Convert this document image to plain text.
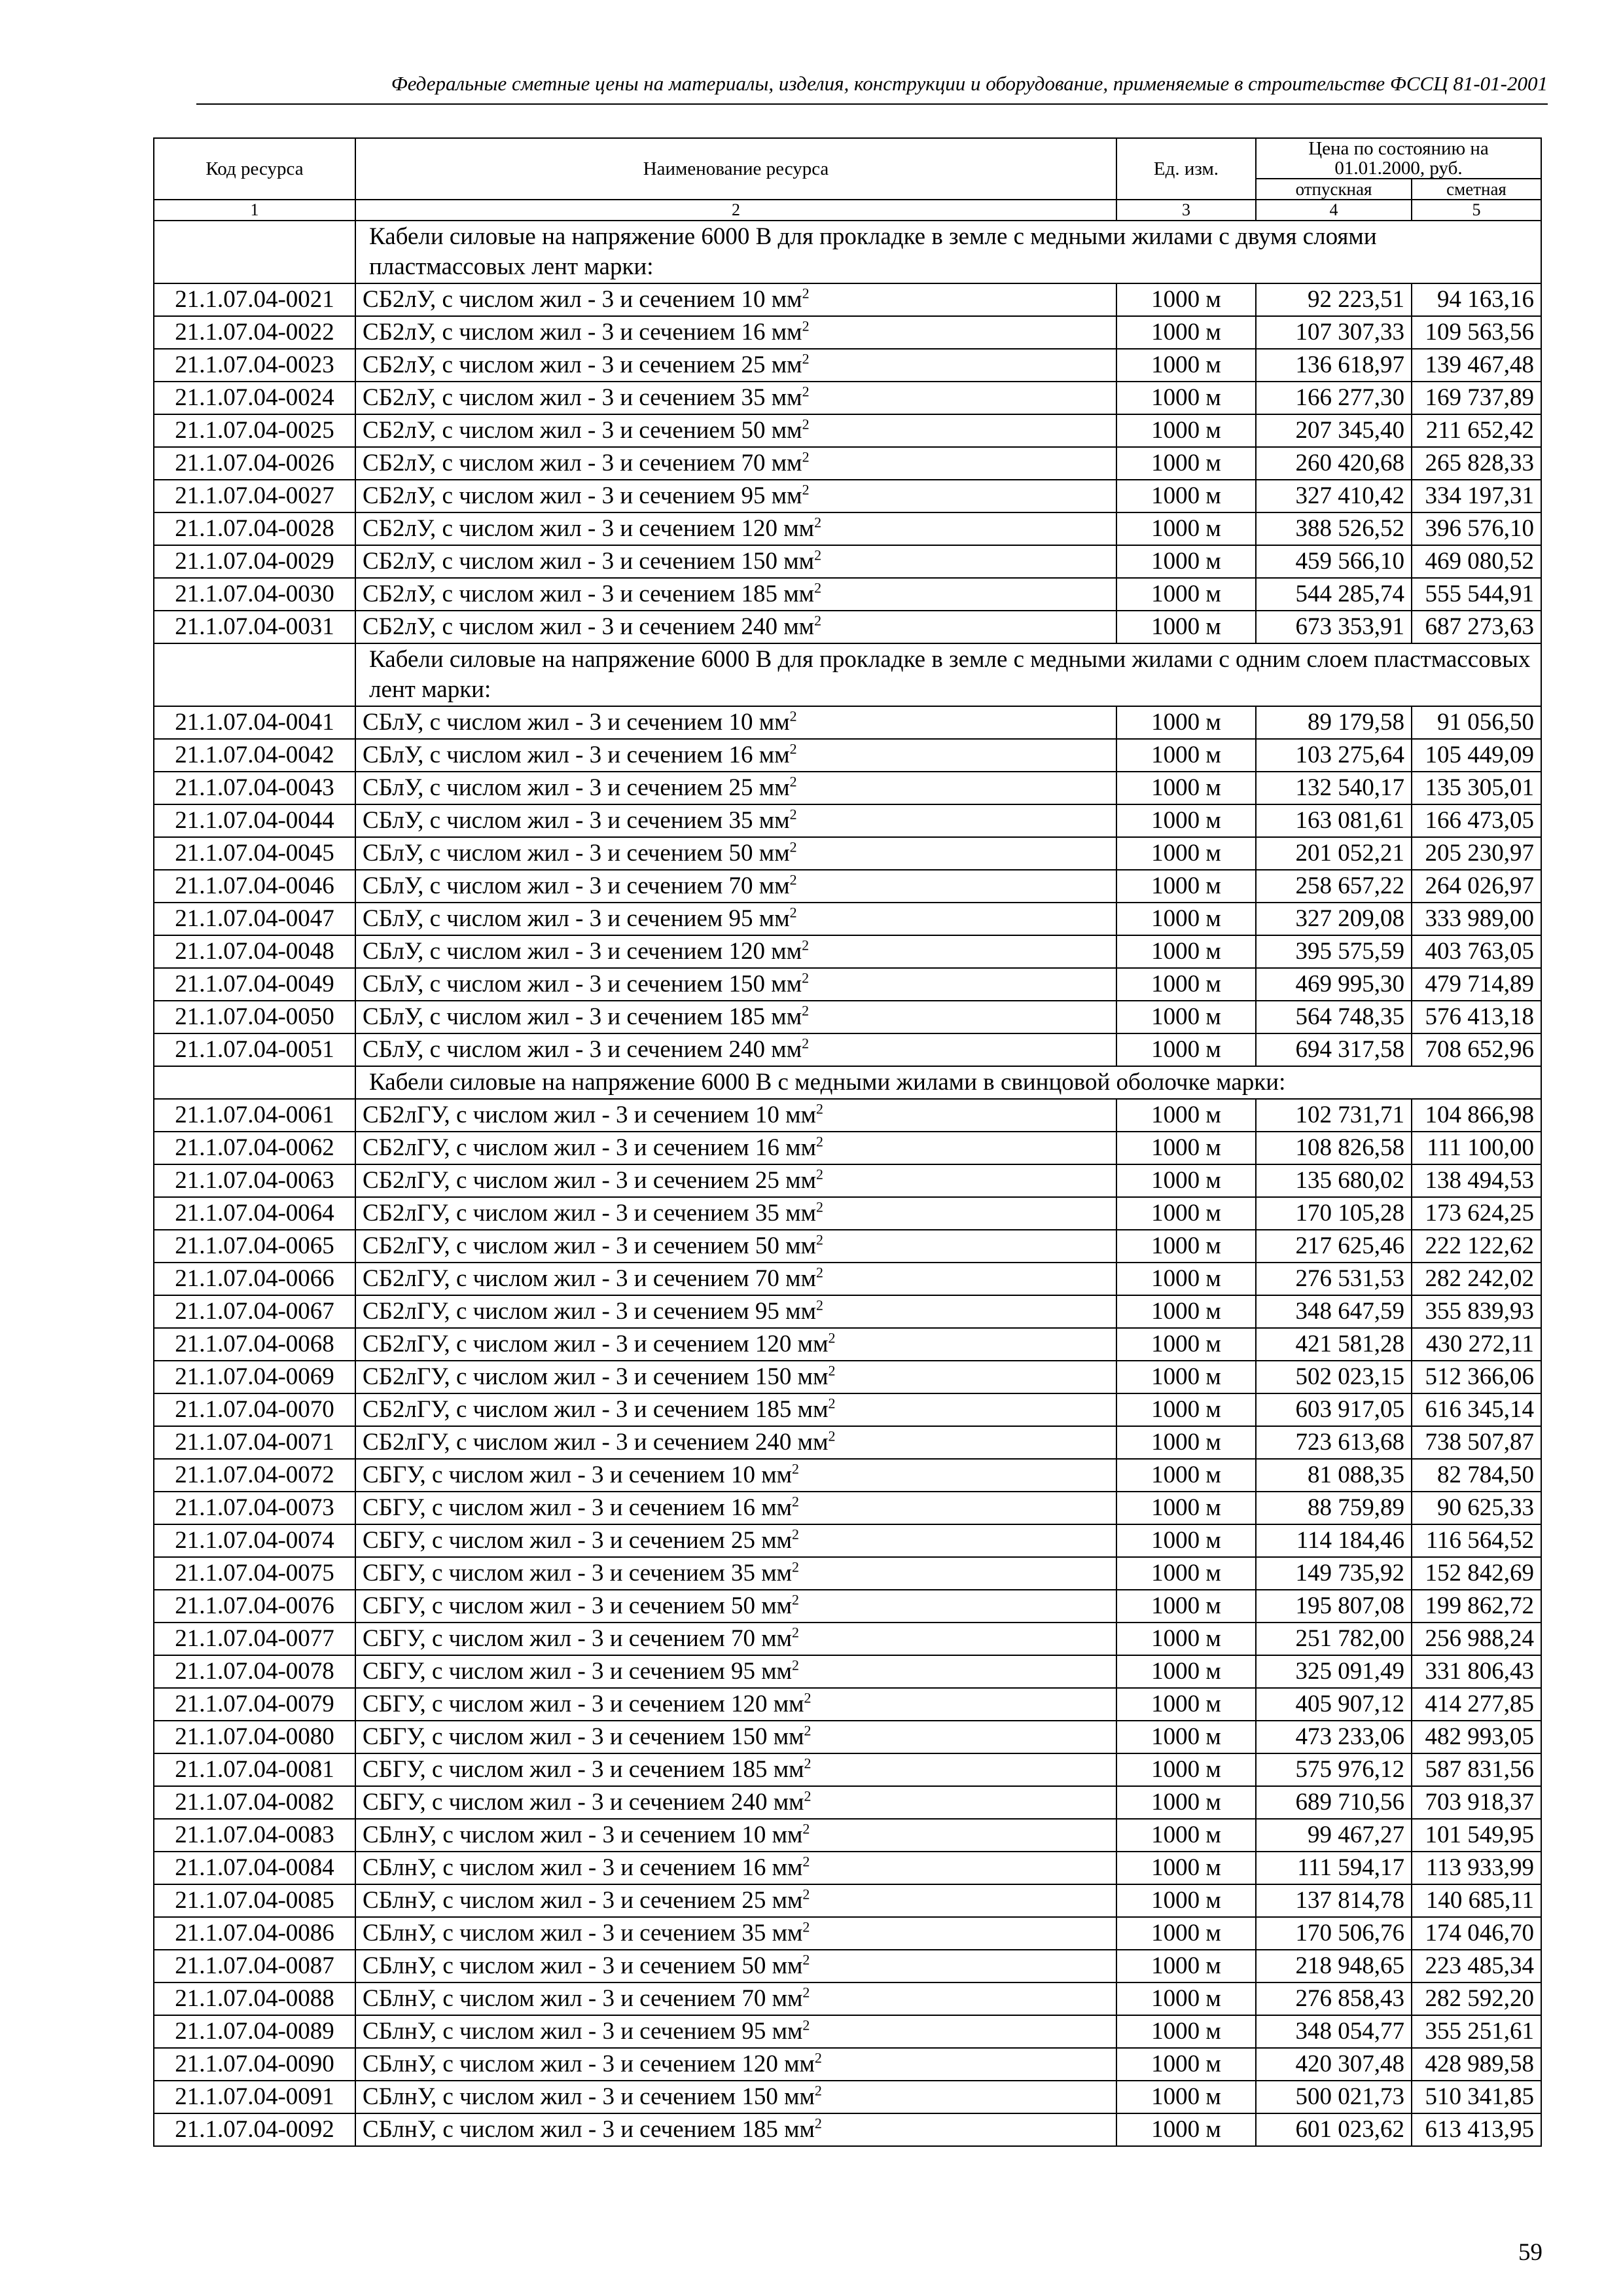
Федеральные сметные цены на материалы, изделия, конструкции и оборудование, применяемые в строительстве ФССЦ 81-01-2001
Код ресурса	Наименование ресурса	Ед. изм.	Цена по состоянию на 01.01.2000, руб.	
			отпускная	сметная
1	2	3	4	5
	Кабели силовые на напряжение 6000 В для прокладке в земле с медными жилами с двумя слоями пластмассовых лент марки:			
21.1.07.04-0021	СБ2лУ, с числом жил - 3 и сечением 10 $мм^2$	1000 м	92 223,51	94 163,16
21.1.07.04-0022	СБ2лУ, с числом жил - 3 и сечением 16 $мм^2$	1000 м	107 307,33	109 563,56
21.1.07.04-0023	СБ2лУ, с числом жил - 3 и сечением 25 $мм^2$	1000 м	136 618,97	139 467,48
21.1.07.04-0024	СБ2лУ, с числом жил - 3 и сечением 35 $мм^2$	1000 м	166 277,30	169 737,89
21.1.07.04-0025	СБ2лУ, с числом жил - 3 и сечением 50 $мм^2$	1000 м	207 345,40	211 652,42
21.1.07.04-0026	СБ2лУ, с числом жил - 3 и сечением 70 $мм^2$	1000 м	260 420,68	265 828,33
21.1.07.04-0027	СБ2лУ, с числом жил - 3 и сечением 95 $мм^2$	1000 м	327 410,42	334 197,31
21.1.07.04-0028	СБ2лУ, с числом жил - 3 и сечением 120 $мм^2$	1000 м	388 526,52	396 576,10
21.1.07.04-0029	СБ2лУ, с числом жил - 3 и сечением 150 $мм^2$	1000 м	459 566,10	469 080,52
21.1.07.04-0030	СБ2лУ, с числом жил - 3 и сечением 185 $мм^2$	1000 м	544 285,74	555 544,91
21.1.07.04-0031	СБ2лУ, с числом жил - 3 и сечением 240 $мм^2$	1000 м	673 353,91	687 273,63
	Кабели силовые на напряжение 6000 В для прокладке в земле с медными жилами с одним слоем пластмассовых лент марки:			
21.1.07.04-0041	СБлУ, с числом жил - 3 и сечением 10 $мм^2$	1000 м	89 179,58	91 056,50
21.1.07.04-0042	СБлУ, с числом жил - 3 и сечением 16 $мм^2$	1000 м	103 275,64	105 449,09
21.1.07.04-0043	СБлУ, с числом жил - 3 и сечением 25 $мм^2$	1000 м	132 540,17	135 305,01
21.1.07.04-0044	СБлУ, с числом жил - 3 и сечением 35 $мм^2$	1000 м	163 081,61	166 473,05
21.1.07.04-0045	СБлУ, с числом жил - 3 и сечением 50 $мм^2$	1000 м	201 052,21	205 230,97
21.1.07.04-0046	СБлУ, с числом жил - 3 и сечением 70 $мм^2$	1000 м	258 657,22	264 026,97
21.1.07.04-0047	СБлУ, с числом жил - 3 и сечением 95 $мм^2$	1000 м	327 209,08	333 989,00
21.1.07.04-0048	СБлУ, с числом жил - 3 и сечением 120 $мм^2$	1000 м	395 575,59	403 763,05
21.1.07.04-0049	СБлУ, с числом жил - 3 и сечением 150 $мм^2$	1000 м	469 995,30	479 714,89
21.1.07.04-0050	СБлУ, с числом жил - 3 и сечением 185 $мм^2$	1000 м	564 748,35	576 413,18
21.1.07.04-0051	СБлУ, с числом жил - 3 и сечением 240 $мм^2$	1000 м	694 317,58	708 652,96
	Кабели силовые на напряжение 6000 В с медными жилами в свинцовой оболочке марки:			
21.1.07.04-0061	СБ2лГУ, с числом жил - 3 и сечением 10 $мм^2$	1000 м	102 731,71	104 866,98
21.1.07.04-0062	СБ2лГУ, с числом жил - 3 и сечением 16 $мм^2$	1000 м	108 826,58	111 100,00
21.1.07.04-0063	СБ2лГУ, с числом жил - 3 и сечением 25 $мм^2$	1000 м	135 680,02	138 494,53
21.1.07.04-0064	СБ2лГУ, с числом жил - 3 и сечением 35 $мм^2$	1000 м	170 105,28	173 624,25
21.1.07.04-0065	СБ2лГУ, с числом жил - 3 и сечением 50 $мм^2$	1000 м	217 625,46	222 122,62
21.1.07.04-0066	СБ2лГУ, с числом жил - 3 и сечением 70 $мм^2$	1000 м	276 531,53	282 242,02
21.1.07.04-0067	СБ2лГУ, с числом жил - 3 и сечением 95 $мм^2$	1000 м	348 647,59	355 839,93
21.1.07.04-0068	СБ2лГУ, с числом жил - 3 и сечением 120 $мм^2$	1000 м	421 581,28	430 272,11
21.1.07.04-0069	СБ2лГУ, с числом жил - 3 и сечением 150 $мм^2$	1000 м	502 023,15	512 366,06
21.1.07.04-0070	СБ2лГУ, с числом жил - 3 и сечением 185 $мм^2$	1000 м	603 917,05	616 345,14
21.1.07.04-0071	СБ2лГУ, с числом жил - 3 и сечением 240 $мм^2$	1000 м	723 613,68	738 507,87
21.1.07.04-0072	СБГУ, с числом жил - 3 и сечением 10 $мм^2$	1000 м	81 088,35	82 784,50
21.1.07.04-0073	СБГУ, с числом жил - 3 и сечением 16 $мм^2$	1000 м	88 759,89	90 625,33
21.1.07.04-0074	СБГУ, с числом жил - 3 и сечением 25 $мм^2$	1000 м	114 184,46	116 564,52
21.1.07.04-0075	СБГУ, с числом жил - 3 и сечением 35 $мм^2$	1000 м	149 735,92	152 842,69
21.1.07.04-0076	СБГУ, с числом жил - 3 и сечением 50 $мм^2$	1000 м	195 807,08	199 862,72
21.1.07.04-0077	СБГУ, с числом жил - 3 и сечением 70 $мм^2$	1000 м	251 782,00	256 988,24
21.1.07.04-0078	СБГУ, с числом жил - 3 и сечением 95 $мм^2$	1000 м	325 091,49	331 806,43
21.1.07.04-0079	СБГУ, с числом жил - 3 и сечением 120 $мм^2$	1000 м	405 907,12	414 277,85
21.1.07.04-0080	СБГУ, с числом жил - 3 и сечением 150 $мм^2$	1000 м	473 233,06	482 993,05
21.1.07.04-0081	СБГУ, с числом жил - 3 и сечением 185 $мм^2$	1000 м	575 976,12	587 831,56
21.1.07.04-0082	СБГУ, с числом жил - 3 и сечением 240 $мм^2$	1000 м	689 710,56	703 918,37
21.1.07.04-0083	СБлнУ, с числом жил - 3 и сечением 10 $мм^2$	1000 м	99 467,27	101 549,95
21.1.07.04-0084	СБлнУ, с числом жил - 3 и сечением 16 $мм^2$	1000 м	111 594,17	113 933,99
21.1.07.04-0085	СБлнУ, с числом жил - 3 и сечением 25 $мм^2$	1000 м	137 814,78	140 685,11
21.1.07.04-0086	СБлнУ, с числом жил - 3 и сечением 35 $мм^2$	1000 м	170 506,76	174 046,70
21.1.07.04-0087	СБлнУ, с числом жил - 3 и сечением 50 $мм^2$	1000 м	218 948,65	223 485,34
21.1.07.04-0088	СБлнУ, с числом жил - 3 и сечением 70 $мм^2$	1000 м	276 858,43	282 592,20
21.1.07.04-0089	СБлнУ, с числом жил - 3 и сечением 95 $мм^2$	1000 м	348 054,77	355 251,61
21.1.07.04-0090	СБлнУ, с числом жил - 3 и сечением 120 $мм^2$	1000 м	420 307,48	428 989,58
21.1.07.04-0091	СБлнУ, с числом жил - 3 и сечением 150 $мм^2$	1000 м	500 021,73	510 341,85
21.1.07.04-0092	СБлнУ, с числом жил - 3 и сечением 185 $мм^2$	1000 м	601 023,62	613 413,95
59
